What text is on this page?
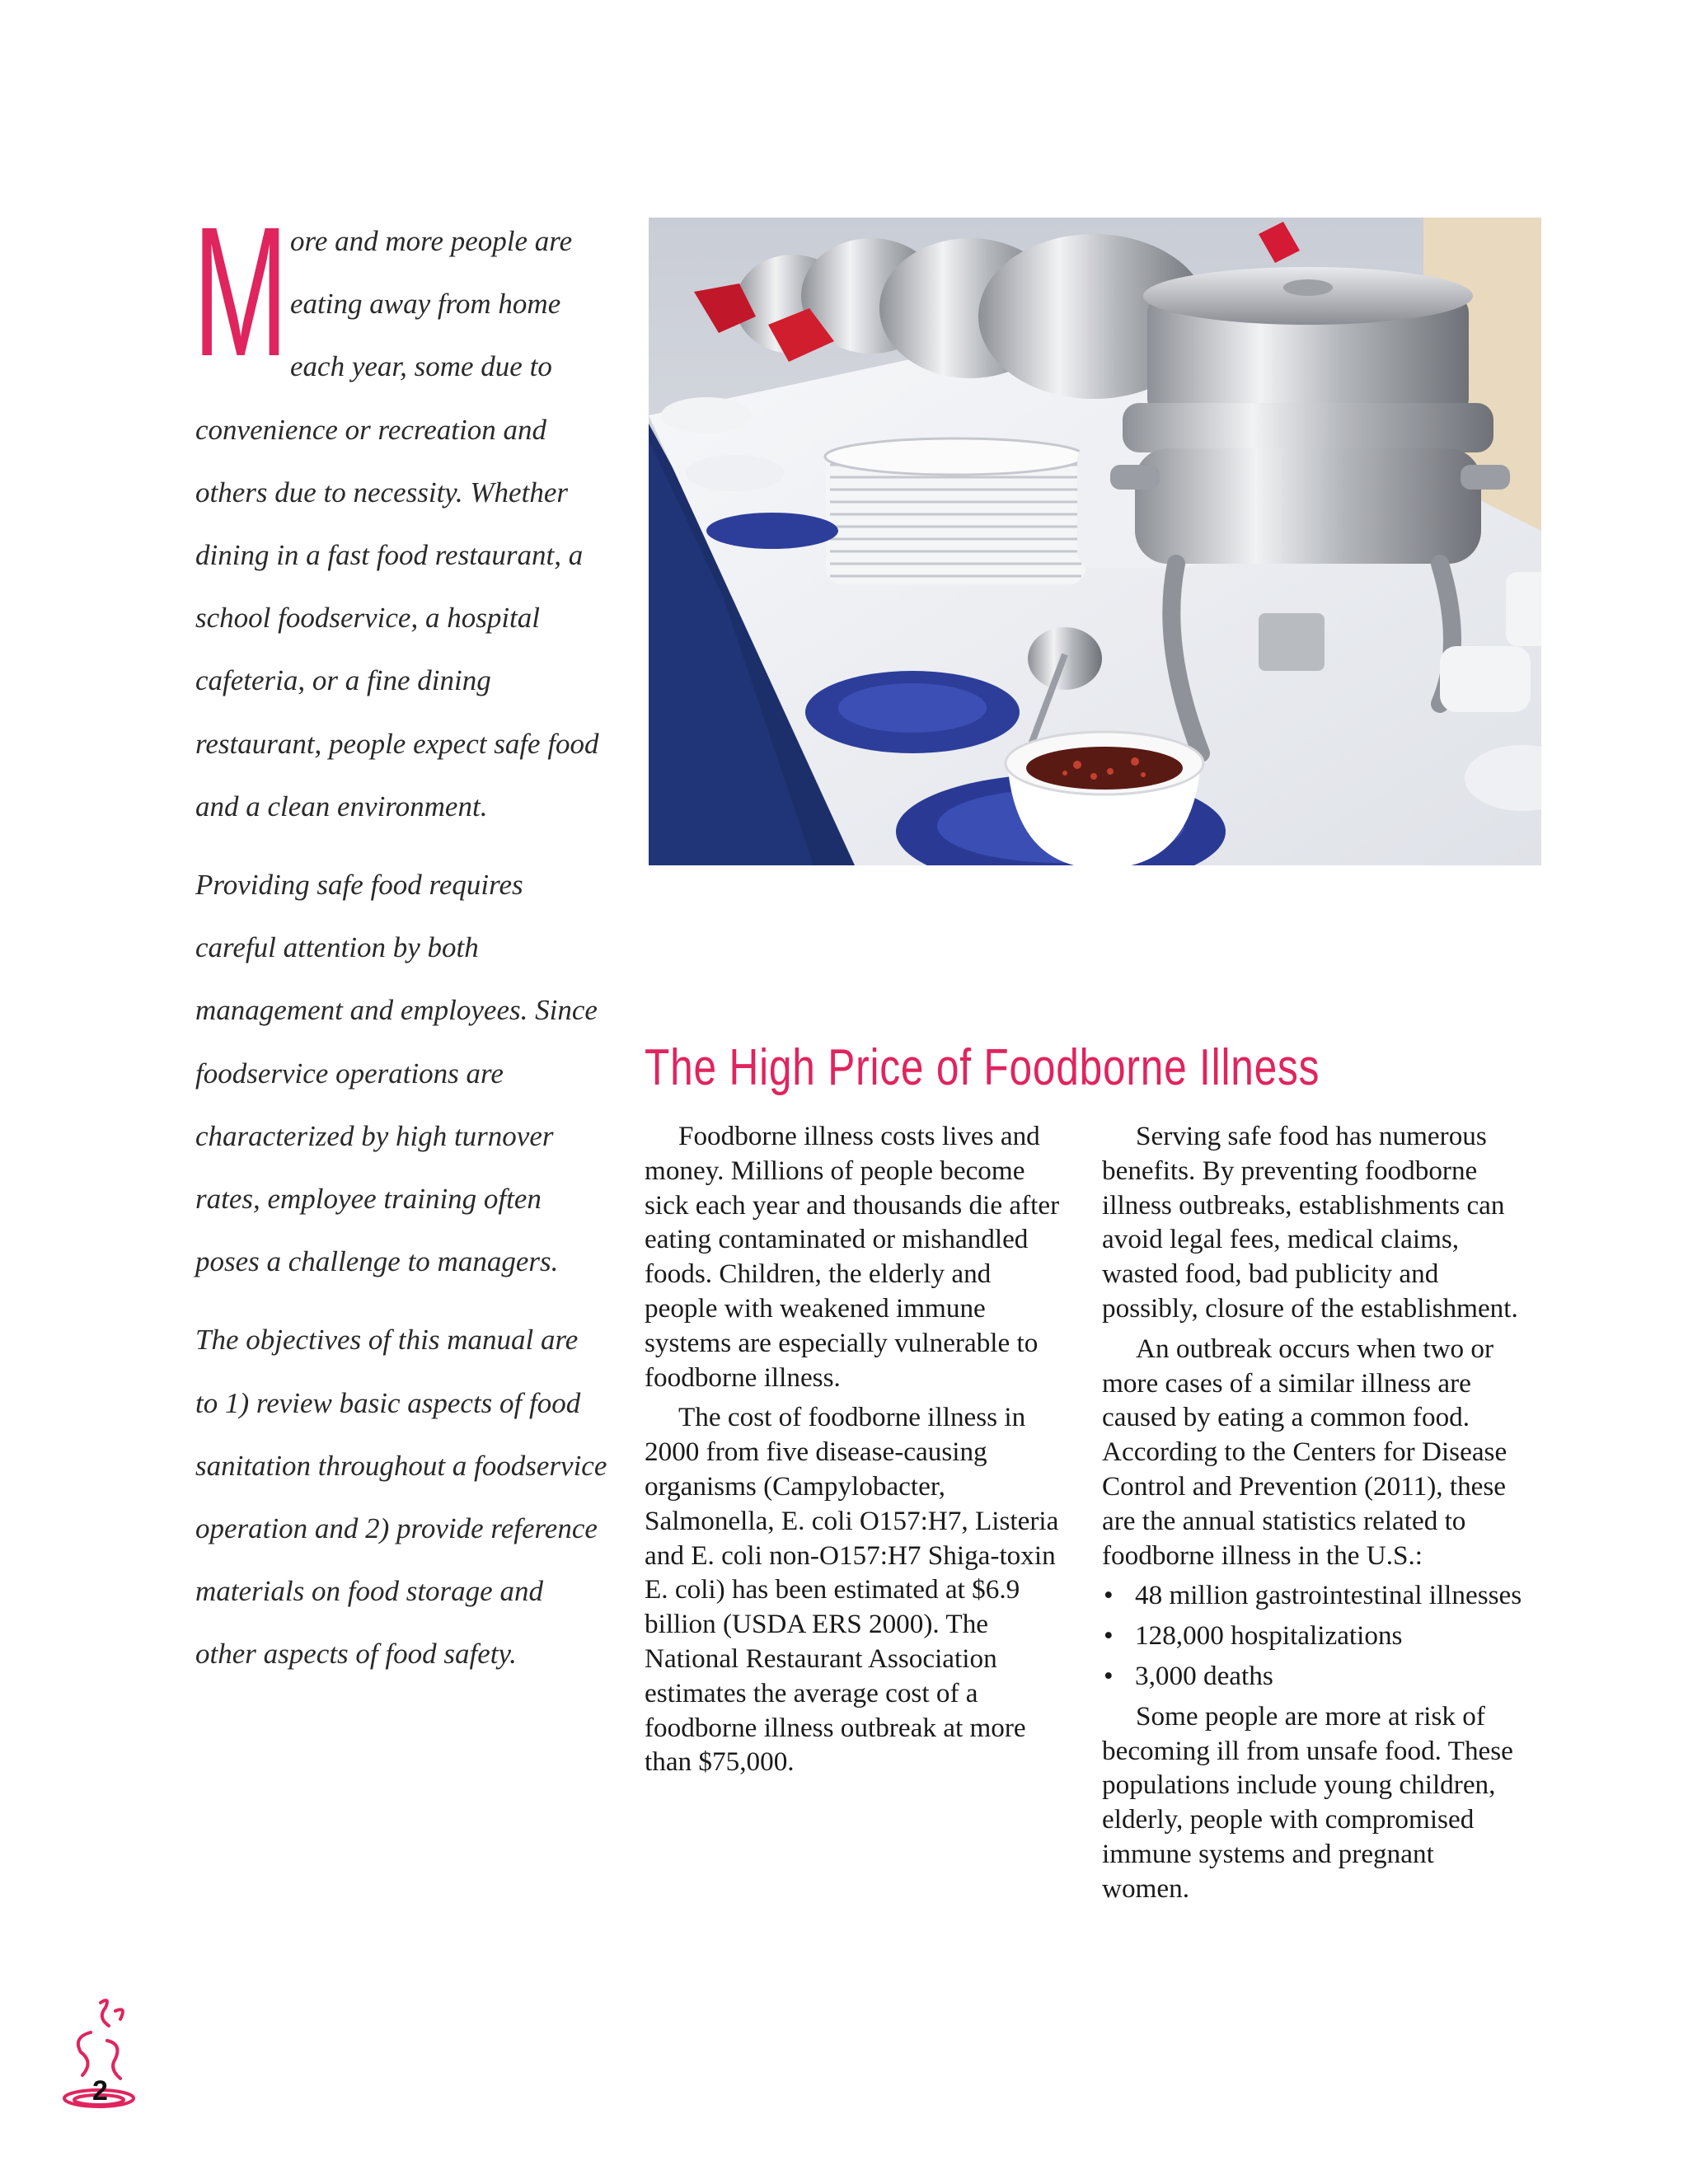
More and more people are eating away from home each year, some due to convenience or recreation and others due to necessity. Whether dining in a fast food restaurant, a school foodservice, a hospital cafeteria, or a fine dining restaurant, people expect safe food and a clean environment.

Providing safe food requires careful attention by both management and employees. Since foodservice operations are characterized by high turnover rates, employee training often poses a challenge to managers.

The objectives of this manual are to 1) review basic aspects of food sanitation throughout a foodservice operation and 2) provide reference materials on food storage and other aspects of food safety.

The High Price of Foodborne Illness

Foodborne illness costs lives and money. Millions of people become sick each year and thousands die after eating contaminated or mishandled foods. Children, the elderly and people with weakened immune systems are especially vulnerable to foodborne illness.

The cost of foodborne illness in 2000 from five disease-causing organisms (Campylobacter, Salmonella, E. coli O157:H7, Listeria and E. coli non-O157:H7 Shiga-toxin E. coli) has been estimated at $6.9 billion (USDA ERS 2000). The National Restaurant Association estimates the average cost of a foodborne illness outbreak at more than $75,000.

Serving safe food has numerous benefits. By preventing foodborne illness outbreaks, establishments can avoid legal fees, medical claims, wasted food, bad publicity and possibly, closure of the establishment.

An outbreak occurs when two or more cases of a similar illness are caused by eating a common food. According to the Centers for Disease Control and Prevention (2011), these are the annual statistics related to foodborne illness in the U.S.:

• 48 million gastrointestinal illnesses
• 128,000 hospitalizations
• 3,000 deaths

Some people are more at risk of becoming ill from unsafe food. These populations include young children, elderly, people with compromised immune systems and pregnant women.

2
